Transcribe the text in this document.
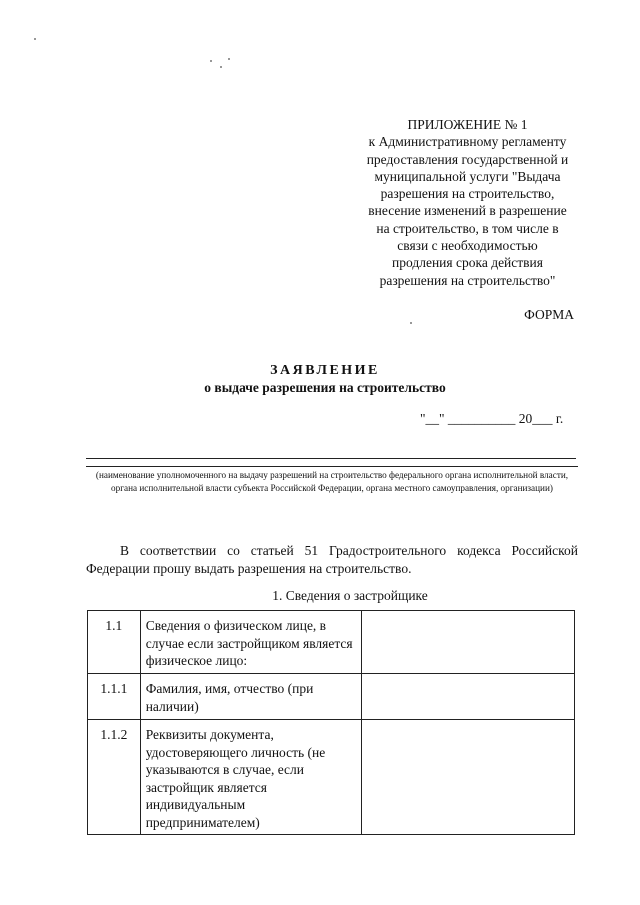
ПРИЛОЖЕНИЕ № 1
к Административному регламенту
предоставления государственной и
муниципальной услуги "Выдача
разрешения на строительство,
внесение изменений в разрешение
на строительство, в том числе в
связи с необходимостью
продления срока действия
разрешения на строительство"
ФОРМА
ЗАЯВЛЕНИЕ
о выдаче разрешения на строительство
"__" __________ 20___ г.
(наименование уполномоченного на выдачу разрешений на строительство федерального органа исполнительной власти, органа исполнительной власти субъекта Российской Федерации, органа местного самоуправления, организации)
В соответствии со статьей 51 Градостроительного кодекса Российской Федерации прошу выдать разрешения на строительство.
1. Сведения о застройщике
1.1	Сведения о физическом лице, в случае если застройщиком является физическое лицо:	
1.1.1	Фамилия, имя, отчество (при наличии)	
1.1.2	Реквизиты документа, удостоверяющего личность (не указываются в случае, если застройщик является индивидуальным предпринимателем)	
